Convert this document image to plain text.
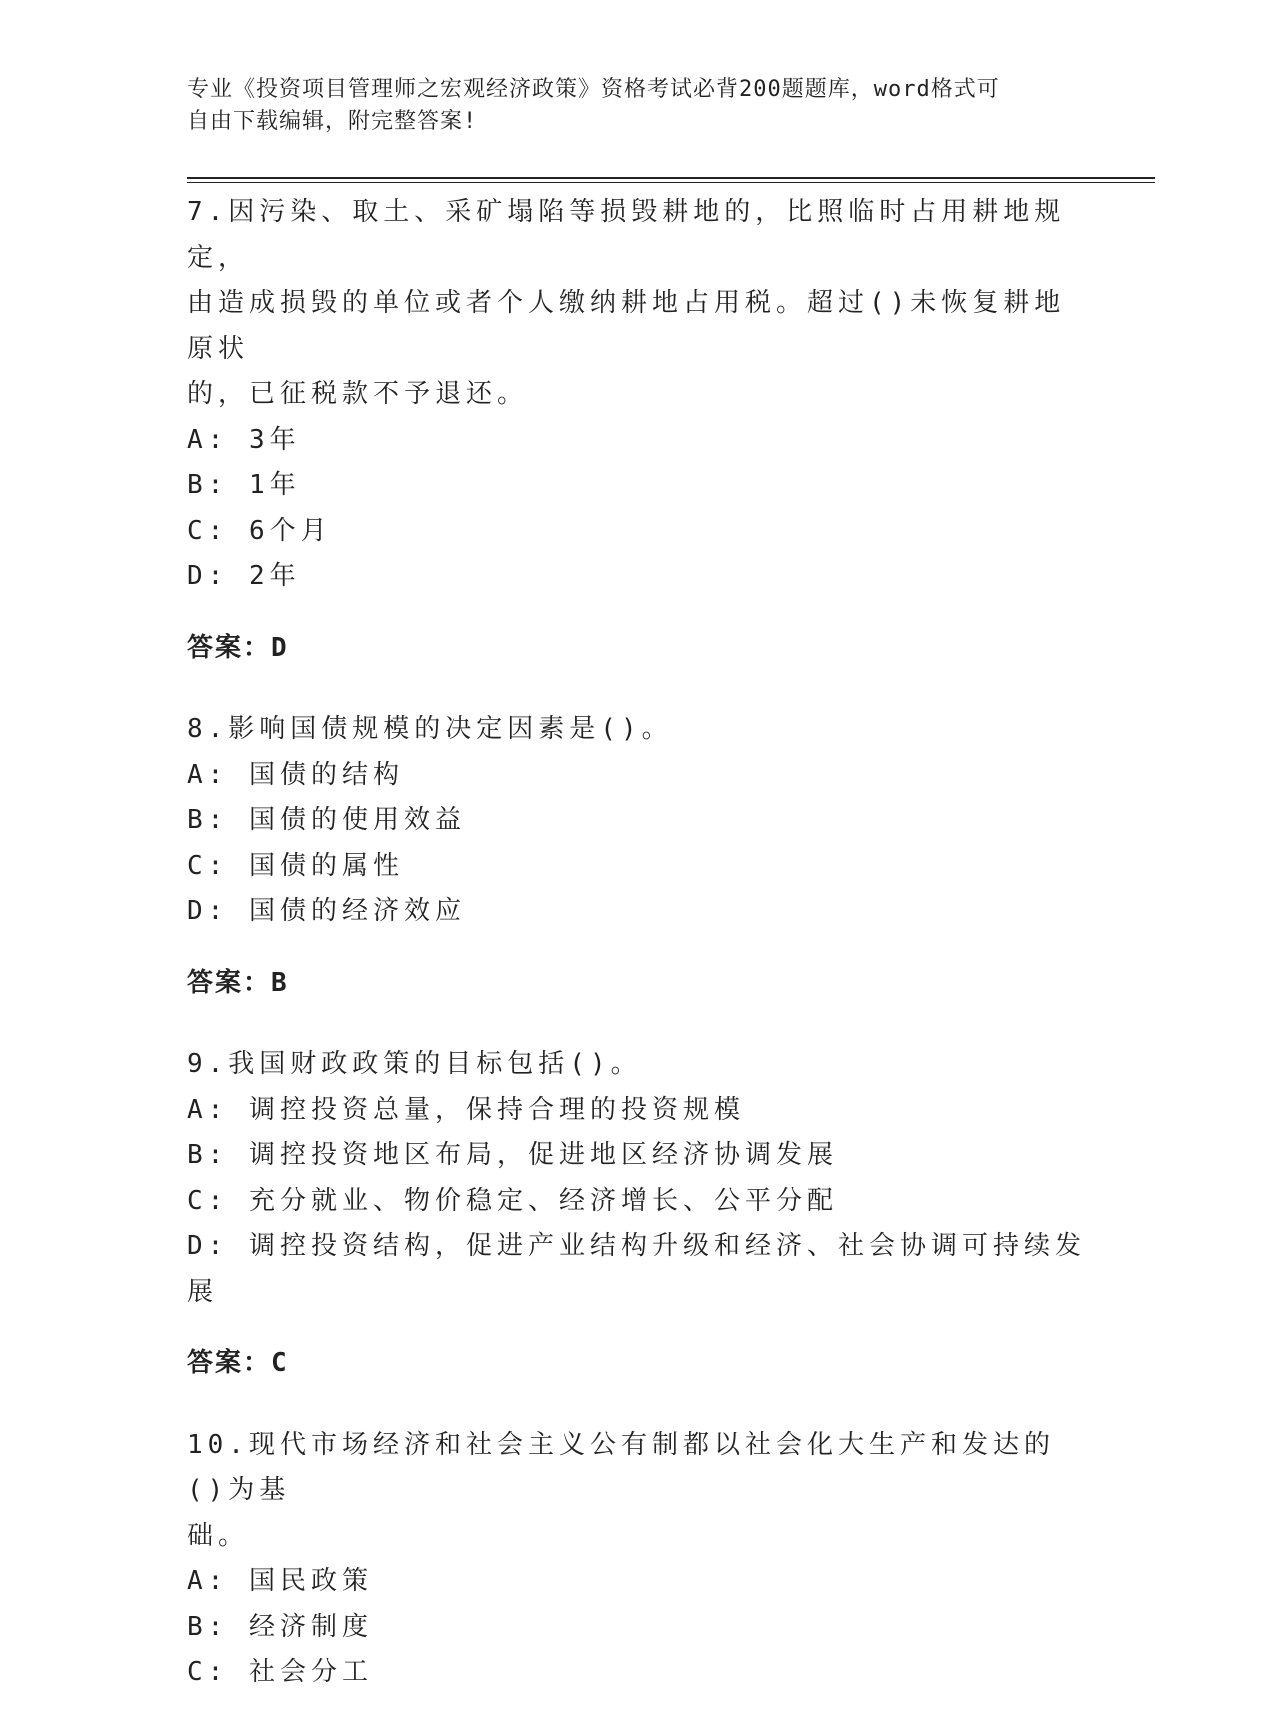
专业《投资项目管理师之宏观经济政策》资格考试必背200题题库，word格式可
自由下载编辑，附完整答案!

7.因污染、取土、采矿塌陷等损毁耕地的，比照临时占用耕地规定，

由造成损毁的单位或者个人缴纳耕地占用税。超过()未恢复耕地原状

的，已征税款不予退还。

A: 3年

B: 1年

C: 6个月

D: 2年

答案：D

8.影响国债规模的决定因素是()。

A: 国债的结构

B: 国债的使用效益

C: 国债的属性

D: 国债的经济效应

答案：B

9.我国财政政策的目标包括()。

A: 调控投资总量，保持合理的投资规模

B: 调控投资地区布局，促进地区经济协调发展

C: 充分就业、物价稳定、经济增长、公平分配

D: 调控投资结构，促进产业结构升级和经济、社会协调可持续发展

答案：C

10.现代市场经济和社会主义公有制都以社会化大生产和发达的()为基

础。

A: 国民政策

B: 经济制度

C: 社会分工
